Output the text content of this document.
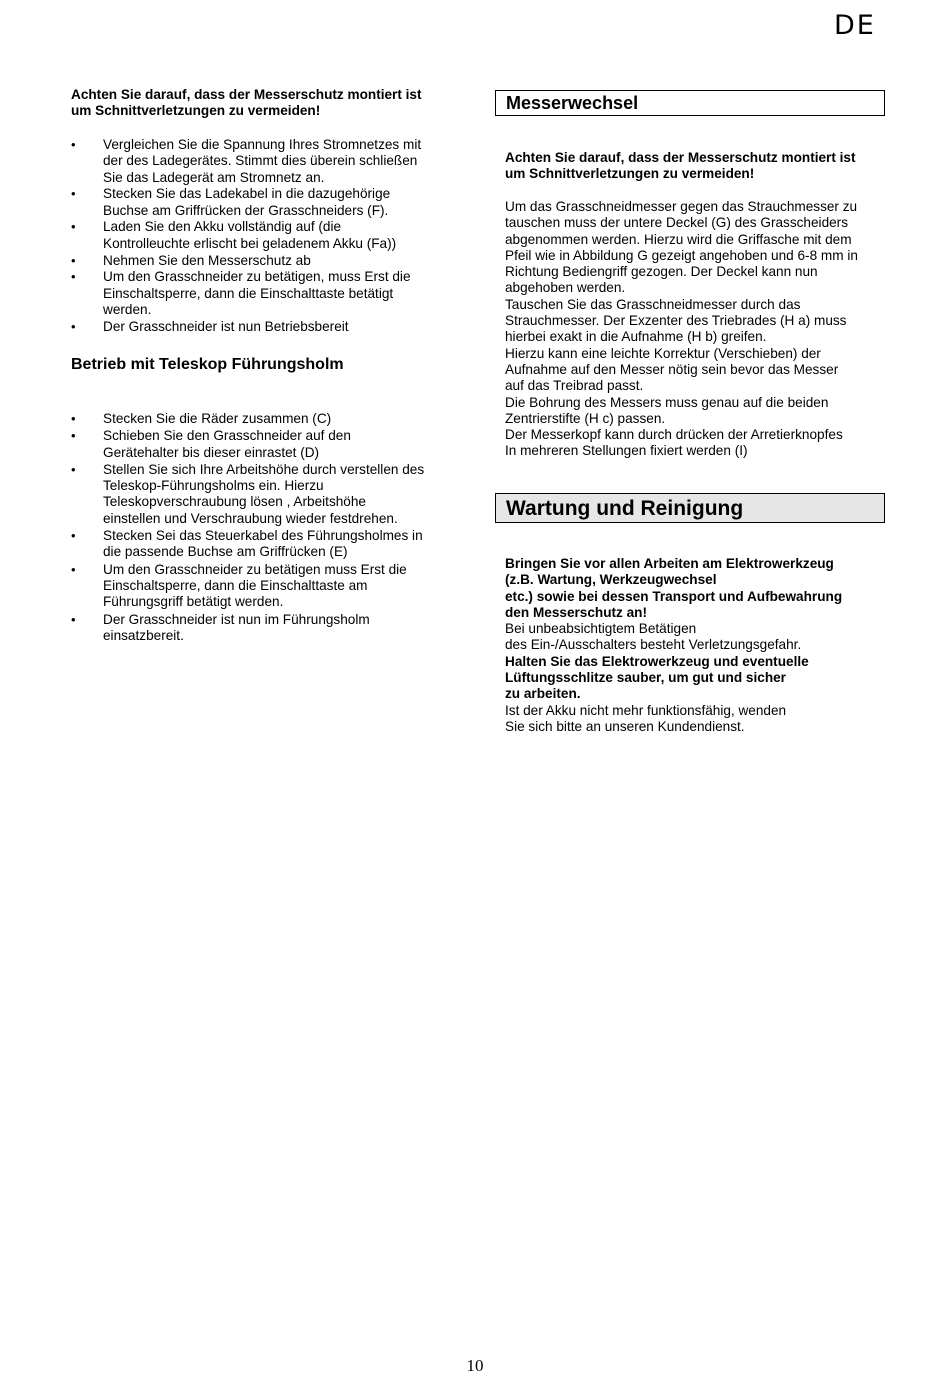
DE

Achten Sie darauf, dass der Messerschutz montiert ist

um Schnittverletzungen zu vermeiden!

• Vergleichen Sie die Spannung Ihres Stromnetzes mit
der des Ladegerätes. Stimmt dies überein schließen
Sie das Ladegerät am Stromnetz an.
• Stecken Sie das Ladekabel in die dazugehörige
Buchse am Griffrücken der Grasschneiders (F).
• Laden Sie den Akku vollständig auf (die
Kontrolleuchte erlischt bei geladenem Akku (Fa))
• Nehmen Sie den Messerschutz ab
• Um den Grasschneider zu betätigen, muss Erst die
Einschaltsperre, dann die Einschalttaste betätigt
werden.
• Der Grasschneider ist nun Betriebsbereit
Betrieb mit Teleskop Führungsholm
• Stecken Sie die Räder zusammen (C)
• Schieben Sie den Grasschneider auf den
Gerätehalter bis dieser einrastet (D)
• Stellen Sie sich Ihre Arbeitshöhe durch verstellen des
Teleskop-Führungsholms ein. Hierzu
Teleskopverschraubung lösen , Arbeitshöhe
einstellen und Verschraubung wieder festdrehen.
• Stecken Sei das Steuerkabel des Führungsholmes in
die passende Buchse am Griffrücken (E)
• Um den Grasschneider zu betätigen muss Erst die
Einschaltsperre, dann die Einschalttaste am
Führungsgriff betätigt werden.
• Der Grasschneider ist nun im Führungsholm
einsatzbereit.
Messerwechsel

Achten Sie darauf, dass der Messerschutz montiert ist

um Schnittverletzungen zu vermeiden!

Um das Grasschneidmesser gegen das Strauchmesser zu

tauschen muss der untere Deckel (G) des Grasscheiders

abgenommen werden. Hierzu wird die Griffasche mit dem

Pfeil wie in Abbildung G gezeigt angehoben und 6-8 mm in

Richtung Bediengriff gezogen. Der Deckel kann nun

abgehoben werden.

Tauschen Sie das Grasschneidmesser durch das

Strauchmesser. Der Exzenter des Triebrades (H a) muss

hierbei exakt in die Aufnahme (H b) greifen.

Hierzu kann eine leichte Korrektur (Verschieben) der

Aufnahme auf den Messer nötig sein bevor das Messer

auf das Treibrad passt.

Die Bohrung des Messers muss genau auf die beiden

Zentrierstifte (H c) passen.

Der Messerkopf kann durch drücken der Arretierknopfes

In mehreren Stellungen fixiert werden (I)

Wartung und Reinigung

Bringen Sie vor allen Arbeiten am Elektrowerkzeug

(z.B. Wartung, Werkzeugwechsel

etc.) sowie bei dessen Transport und Aufbewahrung

den Messerschutz an!

Bei unbeabsichtigtem Betätigen

des Ein-/Ausschalters besteht Verletzungsgefahr.

Halten Sie das Elektrowerkzeug und eventuelle

Lüftungsschlitze sauber, um gut und sicher

zu arbeiten.

Ist der Akku nicht mehr funktionsfähig, wenden

Sie sich bitte an unseren Kundendienst.

10
